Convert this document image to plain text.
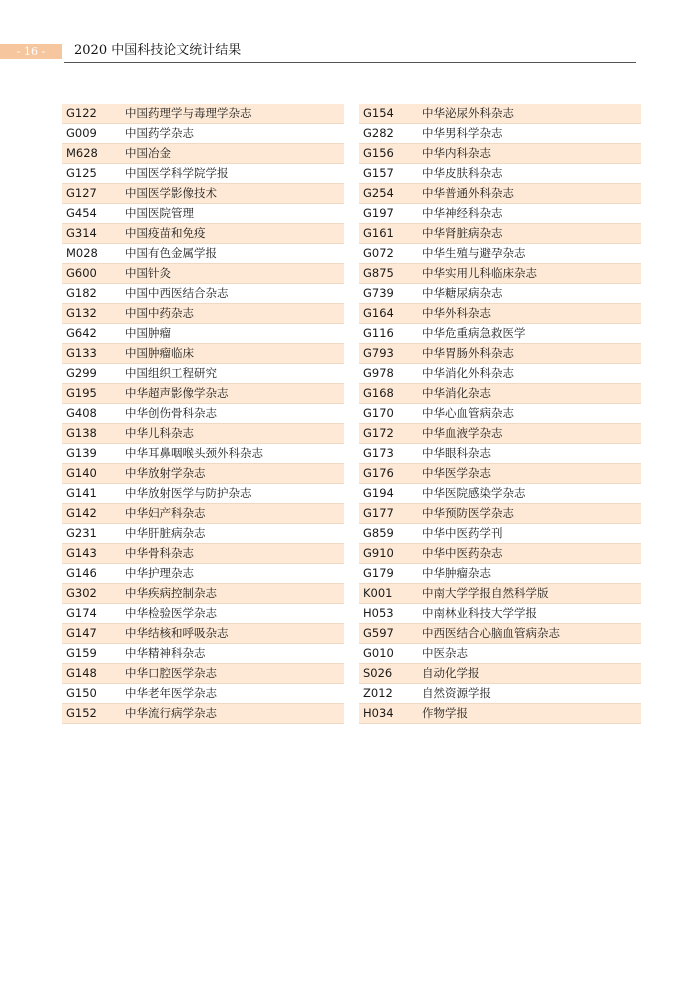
- 16 -	2020 中国科技论文统计结果
G122	中国药理学与毒理学杂志
G009	中国药学杂志
M628	中国冶金
G125	中国医学科学院学报
G127	中国医学影像技术
G454	中国医院管理
G314	中国疫苗和免疫
M028	中国有色金属学报
G600	中国针灸
G182	中国中西医结合杂志
G132	中国中药杂志
G642	中国肿瘤
G133	中国肿瘤临床
G299	中国组织工程研究
G195	中华超声影像学杂志
G408	中华创伤骨科杂志
G138	中华儿科杂志
G139	中华耳鼻咽喉头颈外科杂志
G140	中华放射学杂志
G141	中华放射医学与防护杂志
G142	中华妇产科杂志
G231	中华肝脏病杂志
G143	中华骨科杂志
G146	中华护理杂志
G302	中华疾病控制杂志
G174	中华检验医学杂志
G147	中华结核和呼吸杂志
G159	中华精神科杂志
G148	中华口腔医学杂志
G150	中华老年医学杂志
G152	中华流行病学杂志
G154	中华泌尿外科杂志
G282	中华男科学杂志
G156	中华内科杂志
G157	中华皮肤科杂志
G254	中华普通外科杂志
G197	中华神经科杂志
G161	中华肾脏病杂志
G072	中华生殖与避孕杂志
G875	中华实用儿科临床杂志
G739	中华糖尿病杂志
G164	中华外科杂志
G116	中华危重病急救医学
G793	中华胃肠外科杂志
G978	中华消化外科杂志
G168	中华消化杂志
G170	中华心血管病杂志
G172	中华血液学杂志
G173	中华眼科杂志
G176	中华医学杂志
G194	中华医院感染学杂志
G177	中华预防医学杂志
G859	中华中医药学刊
G910	中华中医药杂志
G179	中华肿瘤杂志
K001	中南大学学报自然科学版
H053	中南林业科技大学学报
G597	中西医结合心脑血管病杂志
G010	中医杂志
S026	自动化学报
Z012	自然资源学报
H034	作物学报
